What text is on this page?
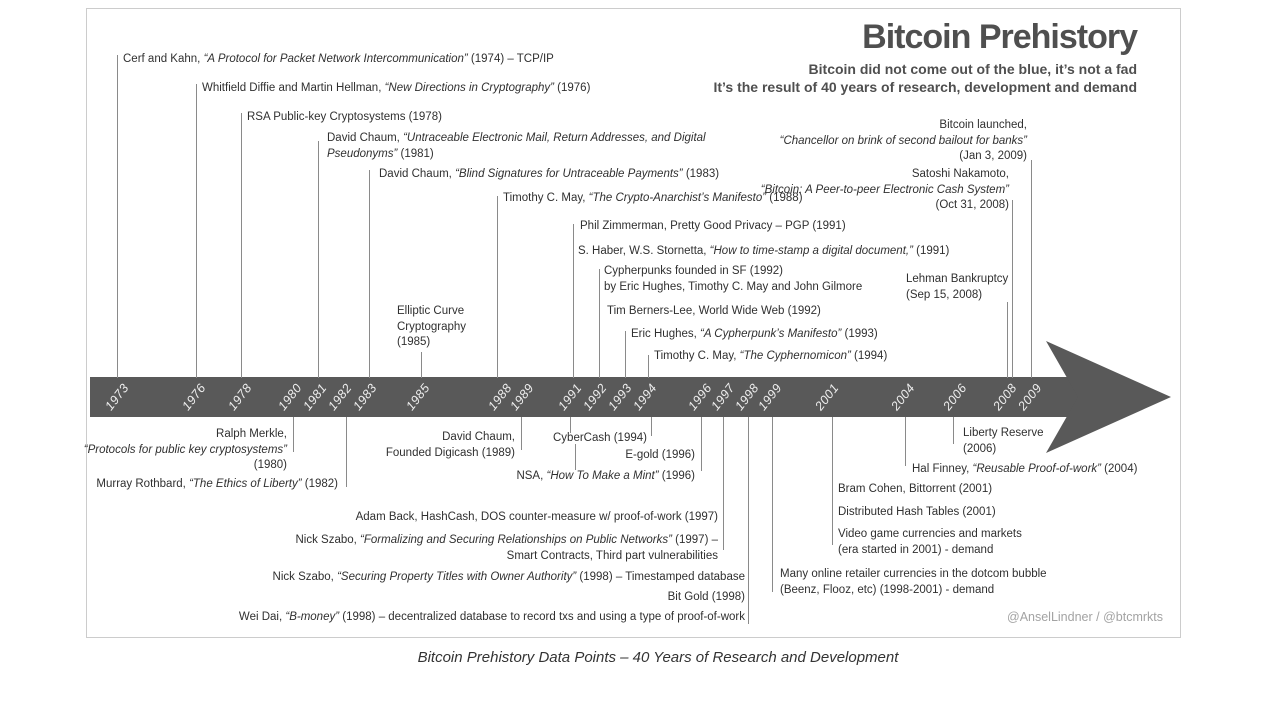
Bitcoin Prehistory
Bitcoin did not come out of the blue, it’s not a fad
It’s the result of 40 years of research, development and demand
1973	1976 1978 1980
1981
1982
1983 1985	1988
1989 1991
1992
1993
1994 1996
1997
1998
1999 2001	2004 2006 2008
2009
Cerf and Kahn, “A Protocol for Packet Network Intercommunication” (1974) – TCP/IP
Whitfield Diffie and Martin Hellman, “New Directions in Cryptography” (1976)
RSA Public-key Cryptosystems (1978)
David Chaum, “Untraceable Electronic Mail, Return Addresses, and Digital
Pseudonyms” (1981)
David Chaum, “Blind Signatures for Untraceable Payments” (1983)
Elliptic Curve
Cryptography
(1985)
Timothy C. May, “The Crypto-Anarchist’s Manifesto” (1988)
Phil Zimmerman, Pretty Good Privacy – PGP (1991)
S. Haber, W.S. Stornetta, “How to time-stamp a digital document,” (1991)
Cypherpunks founded in SF (1992)
by Eric Hughes, Timothy C. May and John Gilmore
Tim Berners-Lee, World Wide Web (1992)
Eric Hughes, “A Cypherpunk’s Manifesto” (1993)
Timothy C. May, “The Cyphernomicon” (1994)
Lehman Bankruptcy
(Sep 15, 2008)
Satoshi Nakamoto,
“Bitcoin: A Peer-to-peer Electronic Cash System”
(Oct 31, 2008)
Bitcoin launched,
“Chancellor on brink of second bailout for banks”
(Jan 3, 2009)
Ralph Merkle,
“Protocols for public key cryptosystems”
(1980)
Murray Rothbard, “The Ethics of Liberty” (1982)
David Chaum,
Founded Digicash (1989)
CyberCash (1994)
E-gold (1996)
NSA, “How To Make a Mint” (1996)
Adam Back, HashCash, DOS counter-measure w/ proof-of-work (1997)
Nick Szabo, “Formalizing and Securing Relationships on Public Networks” (1997) –
Smart Contracts, Third part vulnerabilities
Nick Szabo, “Securing Property Titles with Owner Authority” (1998) – Timestamped database
Bit Gold (1998)
Wei Dai, “B-money” (1998) – decentralized database to record txs and using a type of proof-of-work
Many online retailer currencies in the dotcom bubble
(Beenz, Flooz, etc) (1998-2001) - demand
Bram Cohen, Bittorrent (2001)
Distributed Hash Tables (2001)
Video game currencies and markets
(era started in 2001) - demand
Hal Finney, “Reusable Proof-of-work” (2004)
Liberty Reserve
(2006)
@AnselLindner / @btcmrkts
Bitcoin Prehistory Data Points – 40 Years of Research and Development
